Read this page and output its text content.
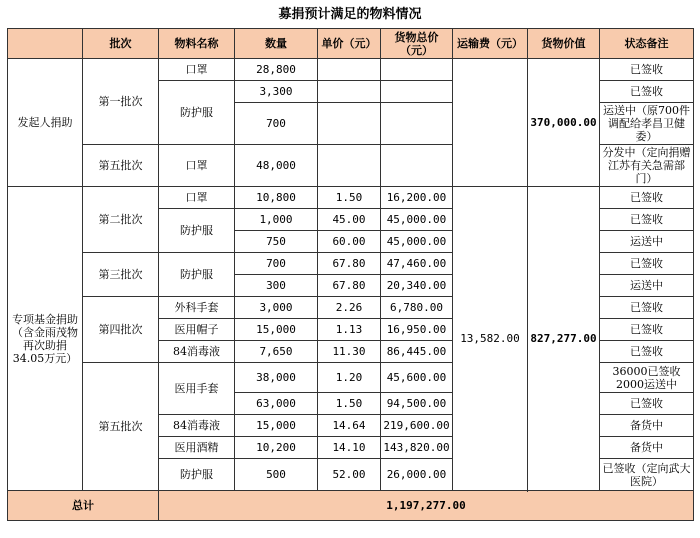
募捐预计满足的物料情况
	批次	物料名称	数量	单价（元）	货物总价（元）	运输费（元）	货物价值	状态备注
发起人捐助	第一批次	口罩	28,800				370,000.00	已签收
		防护服	3,300					已签收
			700					运送中（原700件调配给孝昌卫健委）
	第五批次	口罩	48,000					分发中（定向捐赠江苏有关急需部门）

专项基金捐助（含金雨茂物再次助捐34.05万元）	第二批次	口罩	10,800	1.50	16,200.00	13,582.00	827,277.00	已签收
		防护服	1,000	45.00	45,000.00			已签收
			750	60.00	45,000.00			运送中
	第三批次	防护服	700	67.80	47,460.00			已签收
			300	67.80	20,340.00			运送中
	第四批次	外科手套	3,000	2.26	6,780.00			已签收
		医用帽子	15,000	1.13	16,950.00			已签收
		84消毒液	7,650	11.30	86,445.00			已签收
	第五批次	医用手套	38,000	1.20	45,600.00			36000已签收2000运送中
			63,000	1.50	94,500.00			已签收
		84消毒液	15,000	14.64	219,600.00			备货中
		医用酒精	10,200	14.10	143,820.00			备货中
		防护服	500	52.00	26,000.00			已签收（定向武大医院）

总计		1,197,277.00						
